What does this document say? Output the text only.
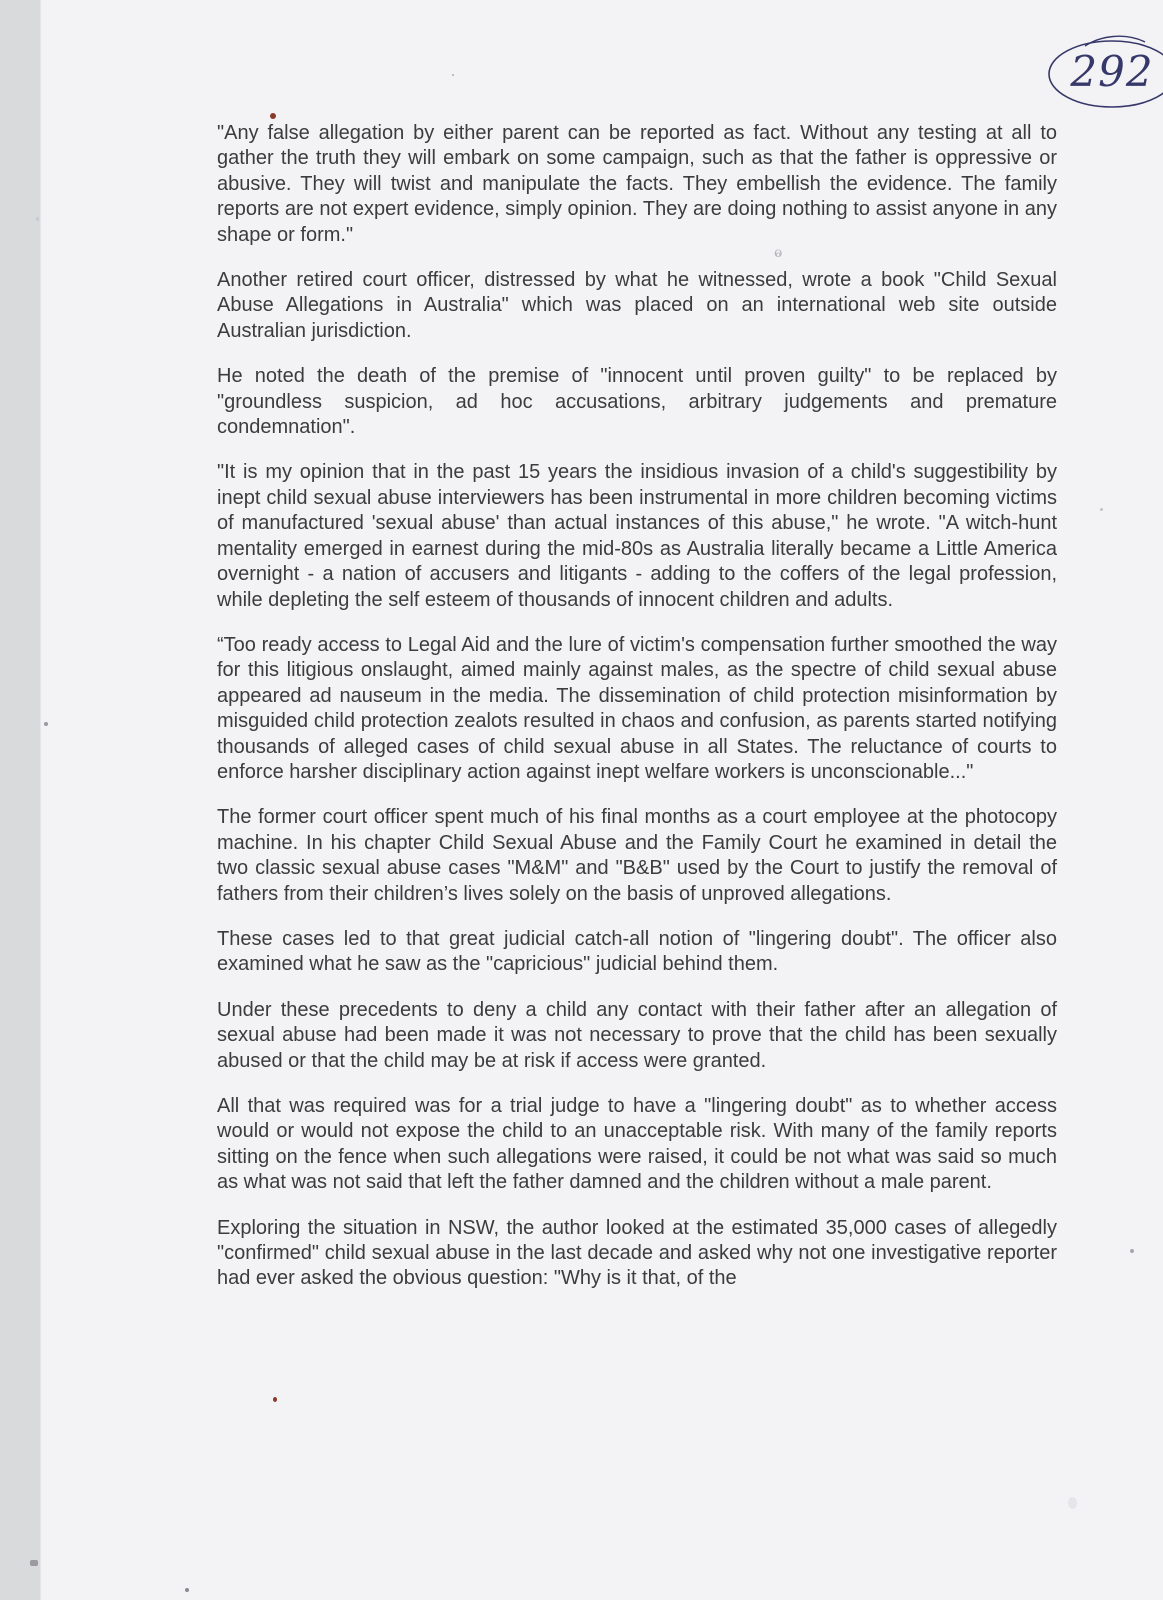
292
ⱺ

"Any false allegation by either parent can be reported as fact. Without any testing at all to gather the truth they will embark on some campaign, such as that the father is oppressive or abusive. They will twist and manipulate the facts. They embellish the evidence. The family reports are not expert evidence, simply opinion. They are doing nothing to assist anyone in any shape or form."

Another retired court officer, distressed by what he witnessed, wrote a book "Child Sexual Abuse Allegations in Australia" which was placed on an international web site outside Australian jurisdiction.

He noted the death of the premise of "innocent until proven guilty" to be replaced by "groundless suspicion, ad hoc accusations, arbitrary judgements and premature condemnation".

"It is my opinion that in the past 15 years the insidious invasion of a child's suggestibility by inept child sexual abuse interviewers has been instrumental in more children becoming victims of manufactured 'sexual abuse' than actual instances of this abuse," he wrote. "A witch-hunt mentality emerged in earnest during the mid-80s as Australia literally became a Little America overnight - a nation of accusers and litigants - adding to the coffers of the legal profession, while depleting the self esteem of thousands of innocent children and adults.

“Too ready access to Legal Aid and the lure of victim's compensation further smoothed the way for this litigious onslaught, aimed mainly against males, as the spectre of child sexual abuse appeared ad nauseum in the media. The dissemination of child protection misinformation by misguided child protection zealots resulted in chaos and confusion, as parents started notifying thousands of alleged cases of child sexual abuse in all States. The reluctance of courts to enforce harsher disciplinary action against inept welfare workers is unconscionable..."

The former court officer spent much of his final months as a court employee at the photocopy machine. In his chapter Child Sexual Abuse and the Family Court he examined in detail the two classic sexual abuse cases "M&M" and "B&B" used by the Court to justify the removal of fathers from their children’s lives solely on the basis of unproved allegations.

These cases led to that great judicial catch-all notion of "lingering doubt". The officer also examined what he saw as the "capricious" judicial behind them.

Under these precedents to deny a child any contact with their father after an allegation of sexual abuse had been made it was not necessary to prove that the child has been sexually abused or that the child may be at risk if access were granted.

All that was required was for a trial judge to have a "lingering doubt" as to whether access would or would not expose the child to an unacceptable risk. With many of the family reports sitting on the fence when such allegations were raised, it could be not what was said so much as what was not said that left the father damned and the children without a male parent.

Exploring the situation in NSW, the author looked at the estimated 35,000 cases of allegedly "confirmed" child sexual abuse in the last decade and asked why not one investigative reporter had ever asked the obvious question: "Why is it that, of the
